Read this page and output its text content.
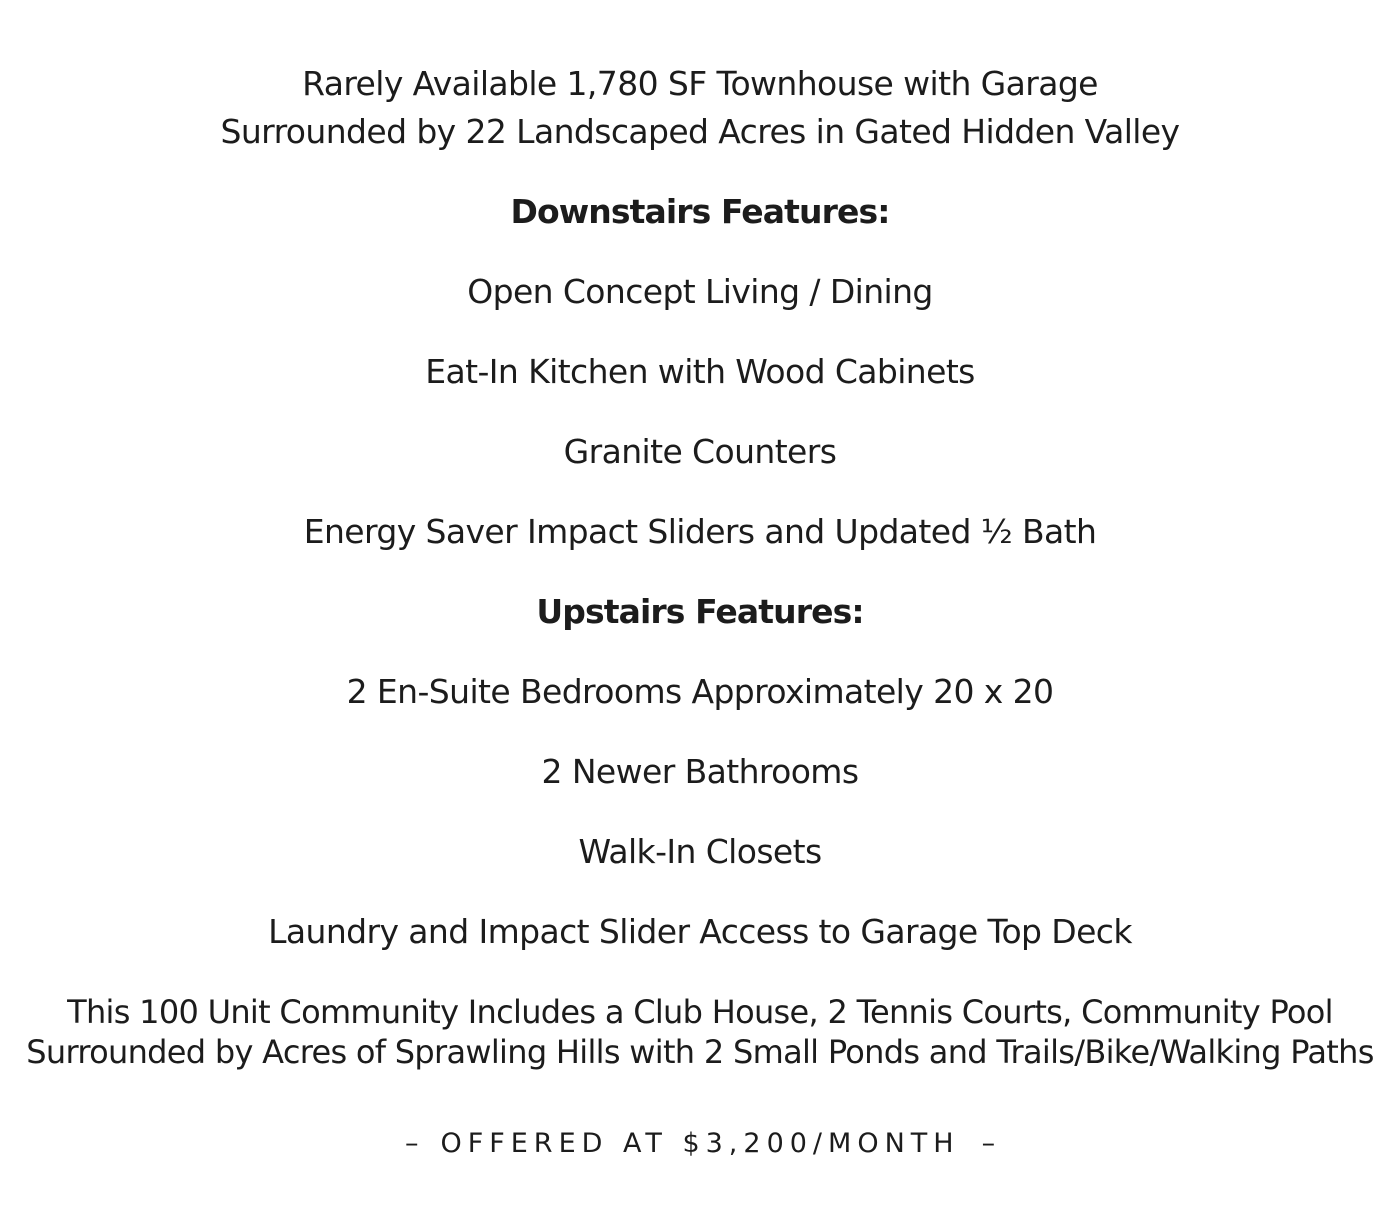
Rarely Available 1,780 SF Townhouse with Garage
Surrounded by 22 Landscaped Acres in Gated Hidden Valley
Downstairs Features:
Open Concept Living / Dining
Eat-In Kitchen with Wood Cabinets
Granite Counters
Energy Saver Impact Sliders and Updated ½ Bath
Upstairs Features:
2 En-Suite Bedrooms Approximately 20 x 20
2 Newer Bathrooms
Walk-In Closets
Laundry and Impact Slider Access to Garage Top Deck
This 100 Unit Community Includes a Club House, 2 Tennis Courts, Community Pool
Surrounded by Acres of Sprawling Hills with 2 Small Ponds and Trails/Bike/Walking Paths
– OFFERED AT $3,200/MONTH –
